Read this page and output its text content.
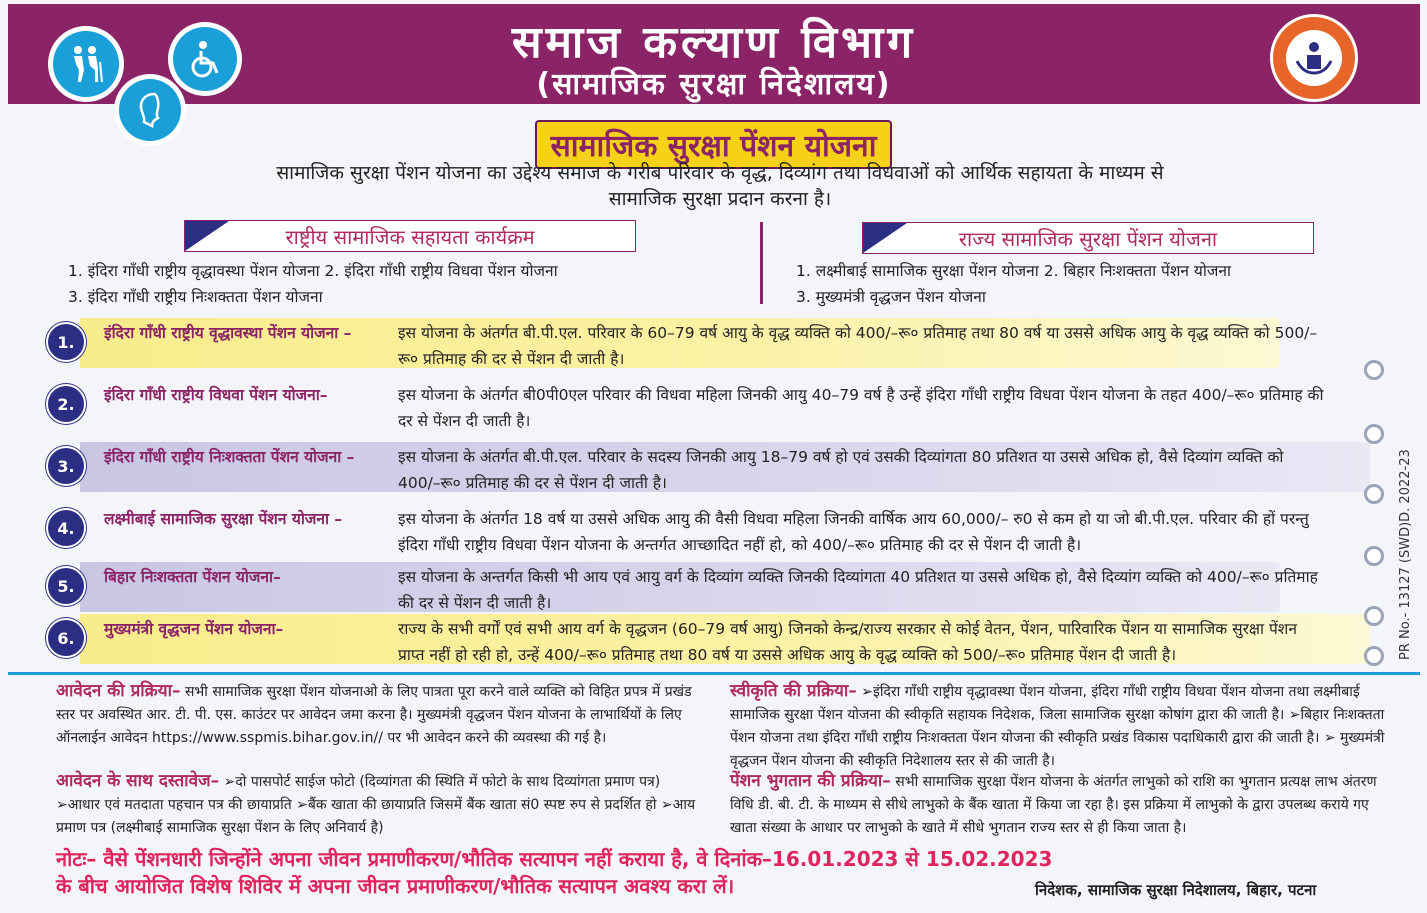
समाज कल्याण विभाग
(सामाजिक सुरक्षा निदेशालय)
सामाजिक सुरक्षा पेंशन योजना
सामाजिक सुरक्षा पेंशन योजना का उद्देश्य समाज के गरीब परिवार के वृद्ध, दिव्यांग तथा विधवाओं को आर्थिक सहायता के माध्यम से सामाजिक सुरक्षा प्रदान करना है।
राष्ट्रीय सामाजिक सहायता कार्यक्रम
1. इंदिरा गाँधी राष्ट्रीय वृद्धावस्था पेंशन योजना 2. इंदिरा गाँधी राष्ट्रीय विधवा पेंशन योजना
3. इंदिरा गाँधी राष्ट्रीय निःशक्तता पेंशन योजना
राज्य सामाजिक सुरक्षा पेंशन योजना
1. लक्ष्मीबाई सामाजिक सुरक्षा पेंशन योजना 2. बिहार निःशक्तता पेंशन योजना
3. मुख्यमंत्री वृद्धजन पेंशन योजना
1.	इंदिरा गाँधी राष्ट्रीय वृद्धावस्था पेंशन योजना –	इस योजना के अंतर्गत बी.पी.एल. परिवार के 60–79 वर्ष आयु के वृद्ध व्यक्ति को 400/–रू० प्रतिमाह तथा 80 वर्ष या उससे अधिक आयु के वृद्ध व्यक्ति को 500/–रू० प्रतिमाह की दर से पेंशन दी जाती है।
2.	इंदिरा गाँधी राष्ट्रीय विधवा पेंशन योजना–	इस योजना के अंतर्गत बी0पी0एल परिवार की विधवा महिला जिनकी आयु 40–79 वर्ष है उन्हें इंदिरा गाँधी राष्ट्रीय विधवा पेंशन योजना के तहत 400/–रू० प्रतिमाह की दर से पेंशन दी जाती है।
3.	इंदिरा गाँधी राष्ट्रीय निःशक्तता पेंशन योजना –	इस योजना के अंतर्गत बी.पी.एल. परिवार के सदस्य जिनकी आयु 18–79 वर्ष हो एवं उसकी दिव्यांगता 80 प्रतिशत या उससे अधिक हो, वैसे दिव्यांग व्यक्ति को 400/–रू० प्रतिमाह की दर से पेंशन दी जाती है।
4.	लक्ष्मीबाई सामाजिक सुरक्षा पेंशन योजना –	इस योजना के अंतर्गत 18 वर्ष या उससे अधिक आयु की वैसी विधवा महिला जिनकी वार्षिक आय 60,000/– रु0 से कम हो या जो बी.पी.एल. परिवार की हों परन्तु इंदिरा गाँधी राष्ट्रीय विधवा पेंशन योजना के अन्तर्गत आच्छादित नहीं हो, को 400/–रू० प्रतिमाह की दर से पेंशन दी जाती है।
5.	बिहार निःशक्तता पेंशन योजना–	इस योजना के अन्तर्गत किसी भी आय एवं आयु वर्ग के दिव्यांग व्यक्ति जिनकी दिव्यांगता 40 प्रतिशत या उससे अधिक हो, वैसे दिव्यांग व्यक्ति को 400/–रू० प्रतिमाह की दर से पेंशन दी जाती है।
6.	मुख्यमंत्री वृद्धजन पेंशन योजना–	राज्य के सभी वर्गों एवं सभी आय वर्ग के वृद्धजन (60–79 वर्ष आयु) जिनको केन्द्र/राज्य सरकार से कोई वेतन, पेंशन, पारिवारिक पेंशन या सामाजिक सुरक्षा पेंशन प्राप्त नहीं हो रही हो, उन्हें 400/–रू० प्रतिमाह तथा 80 वर्ष या उससे अधिक आयु के वृद्ध व्यक्ति को 500/–रू० प्रतिमाह पेंशन दी जाती है।	PR No.- 13127 (SWD)D. 2022-23
आवेदन की प्रक्रिया– सभी सामाजिक सुरक्षा पेंशन योजनाओ के लिए पात्रता पूरा करने वाले व्यक्ति को विहित प्रपत्र में प्रखंड स्तर पर अवस्थित आर. टी. पी. एस. काउंटर पर आवेदन जमा करना है। मुख्यमंत्री वृद्धजन पेंशन योजना के लाभार्थियों के लिए ऑनलाईन आवेदन https://www.sspmis.bihar.gov.in// पर भी आवेदन करने की व्यवस्था की गई है।
आवेदन के साथ दस्तावेज– ➢दो पासपोर्ट साईज फोटो (दिव्यांगता की स्थिति में फोटो के साथ दिव्यांगता प्रमाण पत्र) ➢आधार एवं मतदाता पहचान पत्र की छायाप्रति ➢बैंक खाता की छायाप्रति जिसमें बैंक खाता सं0 स्पष्ट रुप से प्रदर्शित हो ➢आय प्रमाण पत्र (लक्ष्मीबाई सामाजिक सुरक्षा पेंशन के लिए अनिवार्य है)
स्वीकृति की प्रक्रिया– ➢इंदिरा गाँधी राष्ट्रीय वृद्धावस्था पेंशन योजना, इंदिरा गाँधी राष्ट्रीय विधवा पेंशन योजना तथा लक्ष्मीबाई सामाजिक सुरक्षा पेंशन योजना की स्वीकृति सहायक निदेशक, जिला सामाजिक सुरक्षा कोषांग द्वारा की जाती है। ➢बिहार निःशक्तता पेंशन योजना तथा इंदिरा गाँधी राष्ट्रीय निःशक्तता पेंशन योजना की स्वीकृति प्रखंड विकास पदाधिकारी द्वारा की जाती है। ➢ मुख्यमंत्री वृद्धजन पेंशन योजना की स्वीकृति निदेशालय स्तर से की जाती है।
पेंशन भुगतान की प्रक्रिया– सभी सामाजिक सुरक्षा पेंशन योजना के अंतर्गत लाभुको को राशि का भुगतान प्रत्यक्ष लाभ अंतरण विधि डी. बी. टी. के माध्यम से सीधे लाभुको के बैंक खाता में किया जा रहा है। इस प्रक्रिया में लाभुको के द्वारा उपलब्ध कराये गए खाता संख्या के आधार पर लाभुको के खाते में सीधे भुगतान राज्य स्तर से ही किया जाता है।
नोटः– वैसे पेंशनधारी जिन्होंने अपना जीवन प्रमाणीकरण/भौतिक सत्यापन नहीं कराया है, वे दिनांक–16.01.2023 से 15.02.2023
के बीच आयोजित विशेष शिविर में अपना जीवन प्रमाणीकरण/भौतिक सत्यापन अवश्य करा लें।	निदेशक, सामाजिक सुरक्षा निदेशालय, बिहार, पटना
